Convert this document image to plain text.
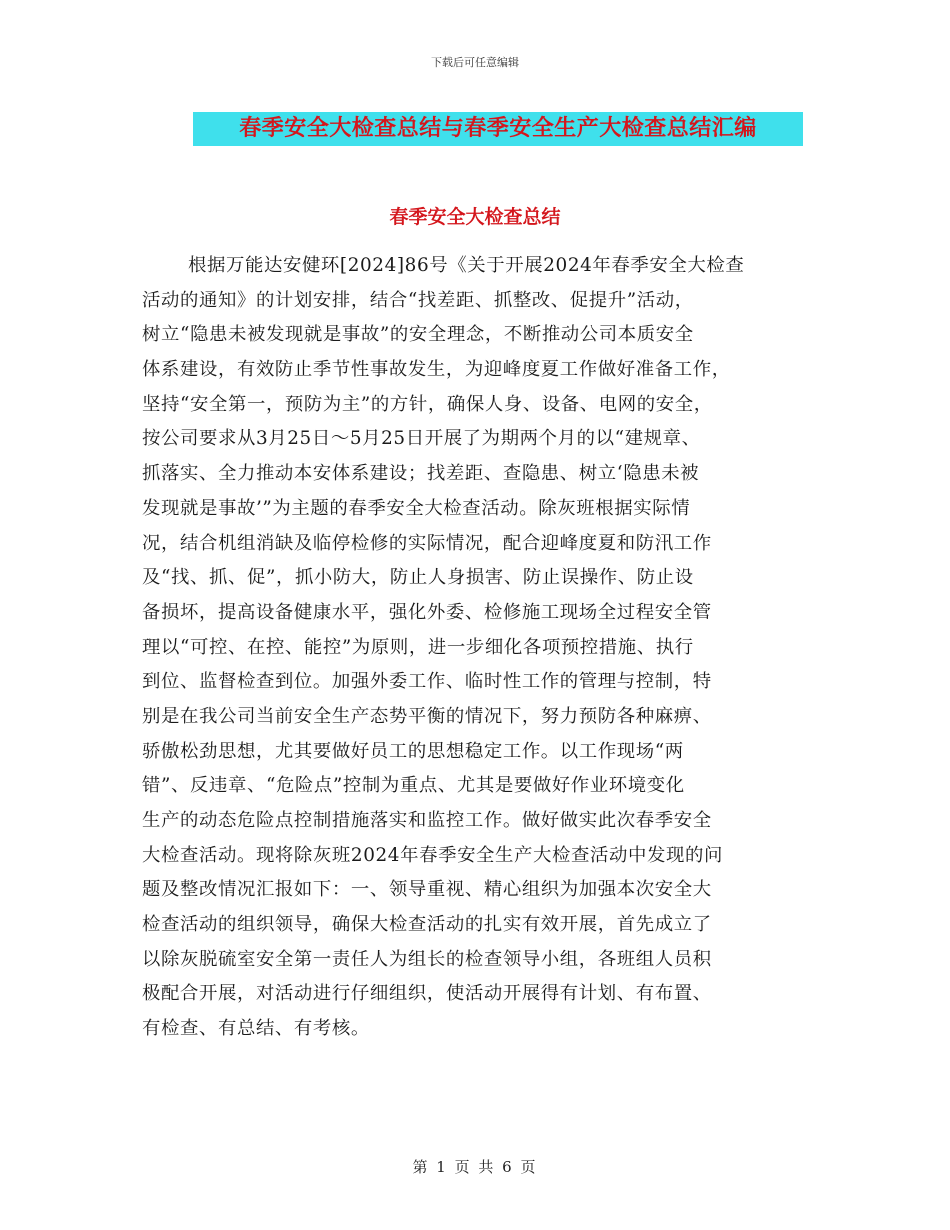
下载后可任意编辑
春季安全大检查总结与春季安全生产大检查总结汇编
春季安全大检查总结
根据万能达安健环[2024]86号《关于开展2024年春季安全大检查
活动的通知》的计划安排，结合“找差距、抓整改、促提升”活动，
树立“隐患未被发现就是事故”的安全理念，不断推动公司本质安全
体系建设，有效防止季节性事故发生，为迎峰度夏工作做好准备工作，
坚持“安全第一，预防为主”的方针，确保人身、设备、电网的安全，
按公司要求从3月25日～5月25日开展了为期两个月的以“建规章、
抓落实、全力推动本安体系建设；找差距、查隐患、树立‘隐患未被
发现就是事故’”为主题的春季安全大检查活动。除灰班根据实际情
况，结合机组消缺及临停检修的实际情况，配合迎峰度夏和防汛工作
及“找、抓、促”，抓小防大，防止人身损害、防止误操作、防止设
备损坏，提高设备健康水平，强化外委、检修施工现场全过程安全管
理以“可控、在控、能控”为原则，进一步细化各项预控措施、执行
到位、监督检查到位。加强外委工作、临时性工作的管理与控制，特
别是在我公司当前安全生产态势平衡的情况下，努力预防各种麻痹、
骄傲松劲思想，尤其要做好员工的思想稳定工作。以工作现场“两
错”、反违章、“危险点”控制为重点、尤其是要做好作业环境变化
生产的动态危险点控制措施落实和监控工作。做好做实此次春季安全
大检查活动。现将除灰班2024年春季安全生产大检查活动中发现的问
题及整改情况汇报如下：一、领导重视、精心组织为加强本次安全大
检查活动的组织领导，确保大检查活动的扎实有效开展，首先成立了
以除灰脱硫室安全第一责任人为组长的检查领导小组，各班组人员积
极配合开展，对活动进行仔细组织，使活动开展得有计划、有布置、
有检查、有总结、有考核。
第 1 页 共 6 页
